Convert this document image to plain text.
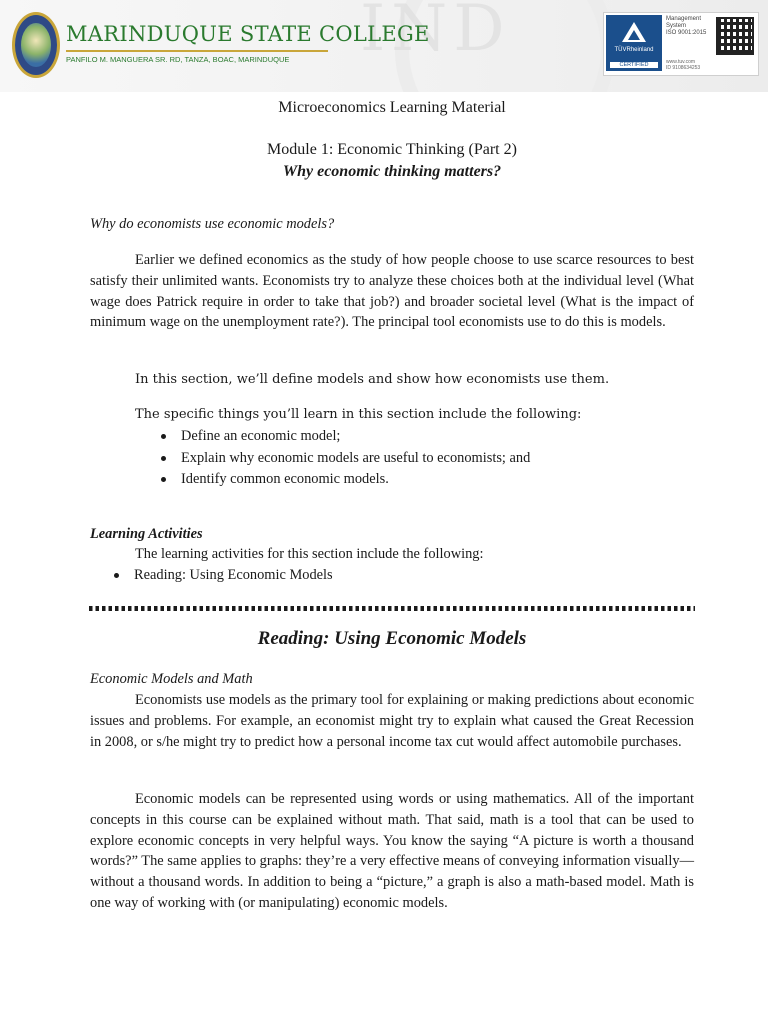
IND
MARINDUQUE STATE COLLEGE
PANFILO M. MANGUERA SR. RD, TANZA, BOAC, MARINDUQUE
TÜVRheinland
CERTIFIED
Management
System
ISO 9001:2015
www.tuv.com
ID 9108634253
Microeconomics Learning Material
Module 1: Economic Thinking (Part 2)
Why economic thinking matters?
Why do economists use economic models?
Earlier we defined economics as the study of how people choose to use scarce resources to best satisfy their unlimited wants. Economists try to analyze these choices both at the individual level (What wage does Patrick require in order to take that job?) and broader societal level (What is the impact of minimum wage on the unemployment rate?). The principal tool economists use to do this is models.
In this section, we’ll define models and show how economists use them.
The specific things you’ll learn in this section include the following:
Define an economic model;
Explain why economic models are useful to economists; and
Identify common economic models.
Learning Activities
The learning activities for this section include the following:
Reading: Using Economic Models
Reading: Using Economic Models
Economic Models and Math
Economists use models as the primary tool for explaining or making predictions about economic issues and problems. For example, an economist might try to explain what caused the Great Recession in 2008, or s/he might try to predict how a personal income tax cut would affect automobile purchases.
Economic models can be represented using words or using mathematics. All of the important concepts in this course can be explained without math. That said, math is a tool that can be used to explore economic concepts in very helpful ways. You know the saying “A picture is worth a thousand words?” The same applies to graphs: they’re a very effective means of conveying information visually—without a thousand words. In addition to being a “picture,” a graph is also a math-based model. Math is one way of working with (or manipulating) economic models.
